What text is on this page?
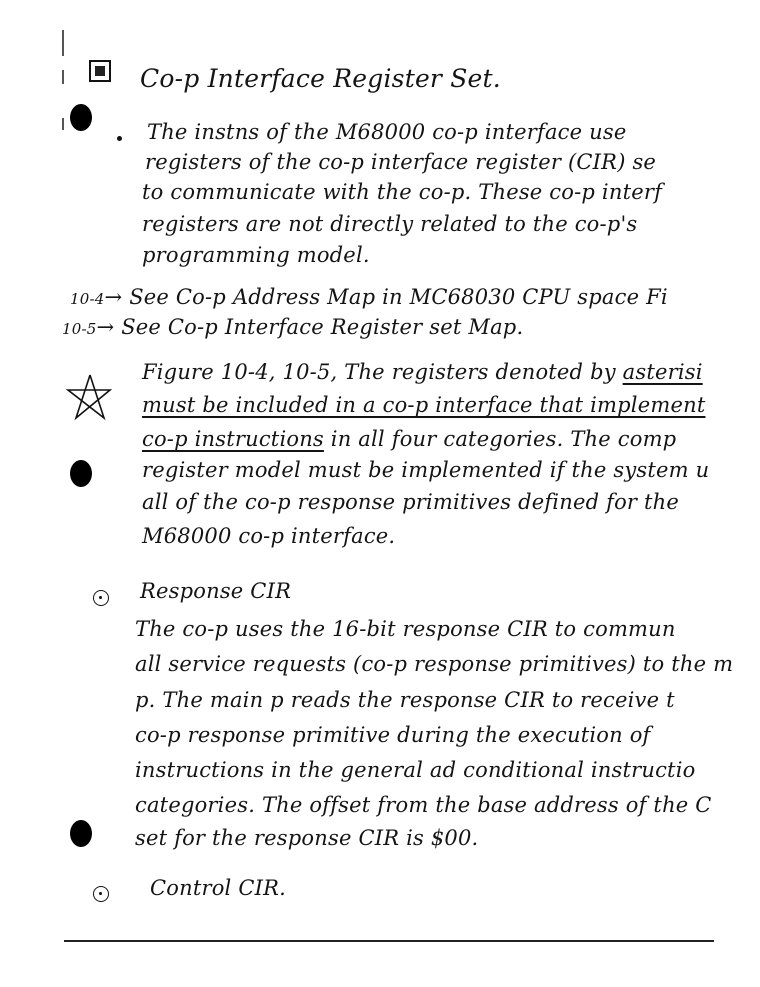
Co-p Interface Register Set.
The instns of the M68000 co-p interface use
registers of the co-p interface register (CIR) se
to communicate with the co-p. These co-p interf
registers are not directly related to the co-p's
programming model.
10-4→ See Co-p Address Map in MC68030 CPU space Fi
10-5→ See Co-p Interface Register set Map.
Figure 10-4, 10-5, The registers denoted by asterisi
must be included in a co-p interface that implement
co-p instructions in all four categories. The comp
register model must be implemented if the system u
all of the co-p response primitives defined for the
M68000 co-p interface.
Response CIR
The co-p uses the 16-bit response CIR to commun
all service requests (co-p response primitives) to the m
p. The main p reads the response CIR to receive t
co-p response primitive during the execution of
instructions in the general ad conditional instructio
categories. The offset from the base address of the C
set for the response CIR is $00.
Control CIR.
